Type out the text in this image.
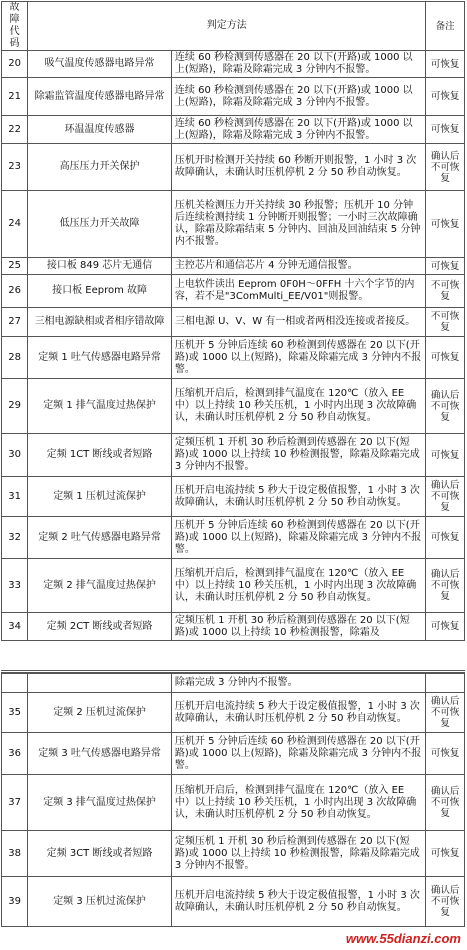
故障代码	判定方法		备注
20	吸气温度传感器电路异常	连续 60 秒检测到传感器在 20 以下(开路)或 1000 以上(短路)，除霜及除霜完成 3 分钟内不报警。	可恢复
21	除霜监管温度传感器电路异常	连续 60 秒检测到传感器在 20 以下(开路)或 1000 以上(短路)，除霜及除霜完成 3 分钟内不报警。	可恢复
22	环温温度传感器	连续 60 秒检测到传感器在 20 以下(开路)或 1000 以上(短路)，除霜及除霜完成 3 分钟内不报警。	可恢复
23	高压压力开关保护	压机开时检测开关持续 60 秒断开则报警，1 小时 3 次故障确认，未确认时压机停机 2 分 50 秒自动恢复。	确认后不可恢复
24	低压压力开关故障	压机关检测压力开关持续 30 秒报警；压机开 10 分钟后连续检测持续 1 分钟断开则报警；一小时三次故障确认，除霜及除霜结束 5 分钟内、回油及回油结束 5 分钟内不报警。	可恢复
25	接口板 849 芯片无通信	主控芯片和通信芯片 4 分钟无通信报警。	可恢复
26	接口板 Eeprom 故障	上电软件读出 Eeprom 0F0H～0FFH 十六个字节的内容，若不是"3ComMulti_EE/V01"则报警。	不可恢复
27	三相电源缺相或者相序错故障	三相电源 U、V、W 有一相或者两相没连接或者接反。	不可恢复
28	定频 1 吐气传感器电路异常	压机开 5 分钟后连续 60 秒检测到传感器在 20 以下(开路)或 1000 以上(短路)，除霜及除霜完成 3 分钟内不报警。	可恢复
29	定频 1 排气温度过热保护	压缩机开启后，检测到排气温度在 120℃（放入 EE 中）以上持续 10 秒关压机，1 小时内出现 3 次故障确认，未确认时压机停机 2 分 50 秒自动恢复。	确认后不可恢复
30	定频 1CT 断线或者短路	定频压机 1 开机 30 秒后检测到传感器在 20 以下(短路)或 1000 以上持续 10 秒检测报警，除霜及除霜完成 3 分钟内不报警。	可恢复
31	定频 1 压机过流保护	压机开启电流持续 5 秒大于设定极值报警，1 小时 3 次故障确认，未确认时压机停机 2 分 50 秒自动恢复。	确认后不可恢复
32	定频 2 吐气传感器电路异常	压机开 5 分钟后连续 60 秒检测到传感器在 20 以下(开路)或 1000 以上(短路)，除霜及除霜完成 3 分钟内不报警。	可恢复
33	定频 2 排气温度过热保护	压缩机开启后，检测到排气温度在 120℃（放入 EE 中）以上持续 10 秒关压机，1 小时内出现 3 次故障确认，未确认时压机停机 2 分 50 秒自动恢复。	确认后不可恢复
34	定频 2CT 断线或者短路	定频压机 1 开机 30 秒后检测到传感器在 20 以下(短路)或 1000 以上持续 10 秒检测报警，除霜及	可恢复
		除霜完成 3 分钟内不报警。	
35	定频 2 压机过流保护	压机开启电流持续 5 秒大于设定极值报警，1 小时 3 次故障确认，未确认时压机停机 2 分 50 秒自动恢复。	确认后不可恢复
36	定频 3 吐气传感器电路异常	压机开 5 分钟后连续 60 秒检测到传感器在 20 以下(开路)或 1000 以上(短路)，除霜及除霜完成 3 分钟内不报警。	可恢复
37	定频 3 排气温度过热保护	压缩机开启后，检测到排气温度在 120℃（放入 EE 中）以上持续 10 秒关压机，1 小时内出现 3 次故障确认，未确认时压机停机 2 分 50 秒自动恢复。	确认后不可恢复
38	定频 3CT 断线或者短路	定频压机 1 开机 30 秒后检测到传感器在 20 以下(短路)或 1000 以上持续 10 秒检测报警，除霜及除霜完成 3 分钟内不报警。	可恢复
39	定频 3 压机过流保护	压机开启电流持续 5 秒大于设定极值报警，1 小时 3 次故障确认，未确认时压机停机 2 分 50 秒自动恢复。	确认后不可恢复
www.55dianzi.com
